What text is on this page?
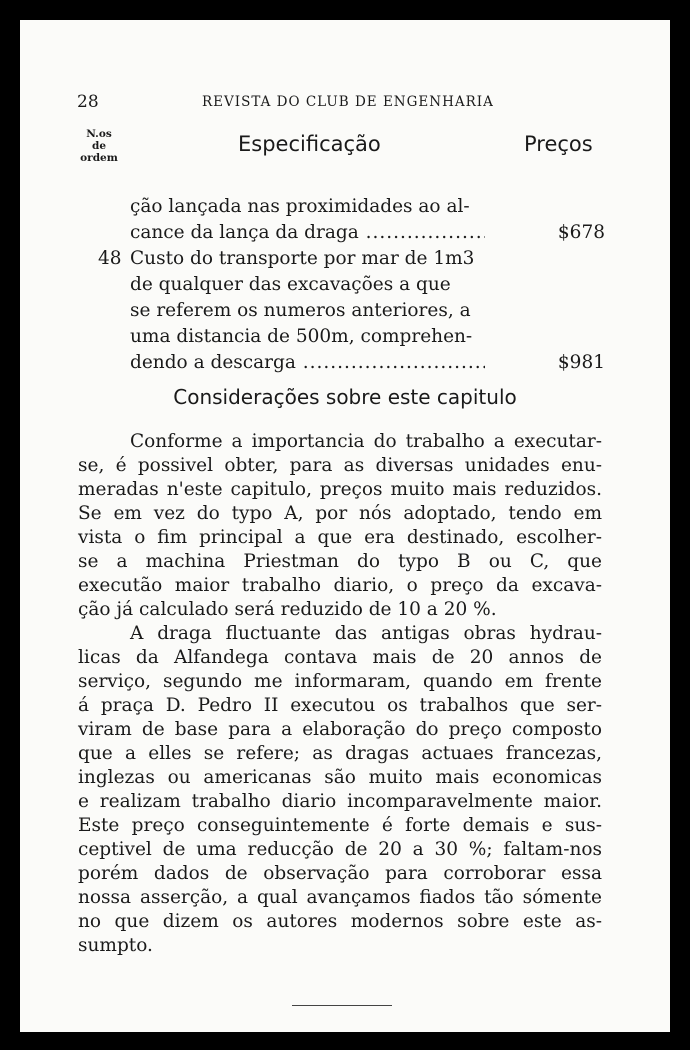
28	REVISTA DO CLUB DE ENGENHARIA
N.os
de
ordem
Especificação	Preços
ção lançada nas proximidades ao al-
cance da lança da draga .....	$678
48 Custo do transporte por mar de 1m3
de qualquer das excavações a que
se referem os numeros anteriores, a
uma distancia de 500m, comprehen-
dendo a descarga .....	$981
Considerações sobre este capitulo
Conforme a importancia do trabalho a executar-
se, é possivel obter, para as diversas unidades enu-
meradas n'este capitulo, preços muito mais reduzidos.
Se em vez do typo A, por nós adoptado, tendo em
vista o fim principal a que era destinado, escolher-
se a machina Priestman do typo B ou C, que
executão maior trabalho diario, o preço da excava-
ção já calculado será reduzido de 10 a 20 %.
A draga fluctuante das antigas obras hydrau-
licas da Alfandega contava mais de 20 annos de
serviço, segundo me informaram, quando em frente
á praça D. Pedro II executou os trabalhos que ser-
viram de base para a elaboração do preço composto
que a elles se refere; as dragas actuaes francezas,
inglezas ou americanas são muito mais economicas
e realizam trabalho diario incomparavelmente maior.
Este preço conseguintemente é forte demais e sus-
ceptivel de uma reducção de 20 a 30 %; faltam-nos
porém dados de observação para corroborar essa
nossa asserção, a qual avançamos fiados tão sómente
no que dizem os autores modernos sobre este as-
sumpto.
